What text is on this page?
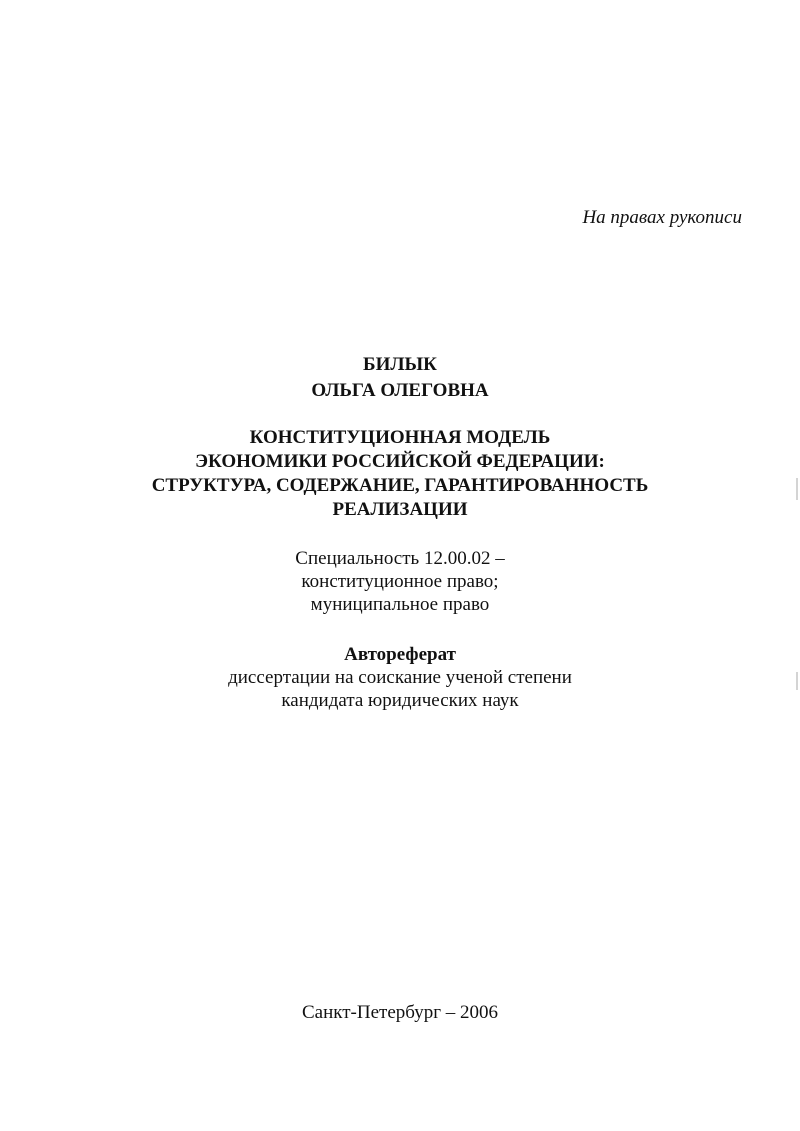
На правах рукописи
БИЛЫК
ОЛЬГА ОЛЕГОВНА
КОНСТИТУЦИОННАЯ МОДЕЛЬ
ЭКОНОМИКИ РОССИЙСКОЙ ФЕДЕРАЦИИ:
СТРУКТУРА, СОДЕРЖАНИЕ, ГАРАНТИРОВАННОСТЬ
РЕАЛИЗАЦИИ
Специальность 12.00.02 –
конституционное право;
муниципальное право
Автореферат
диссертации на соискание ученой степени
кандидата юридических наук
Санкт-Петербург – 2006
